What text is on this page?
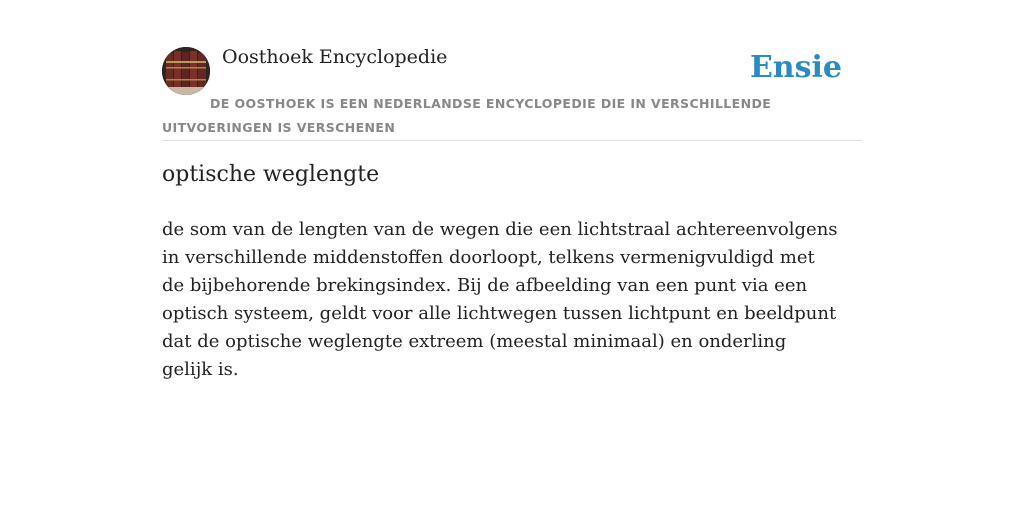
Oosthoek Encyclopedie	Ensie
DE OOSTHOEK IS EEN NEDERLANDSE ENCYCLOPEDIE DIE IN VERSCHILLENDE UITVOERINGEN IS VERSCHENEN
optische weglengte

de som van de lengten van de wegen die een lichtstraal achtereenvolgens in verschillende middenstoffen doorloopt, telkens vermenigvuldigd met de bijbehorende brekingsindex. Bij de afbeelding van een punt via een optisch systeem, geldt voor alle lichtwegen tussen lichtpunt en beeldpunt dat de optische weglengte extreem (meestal minimaal) en onderling gelijk is.
